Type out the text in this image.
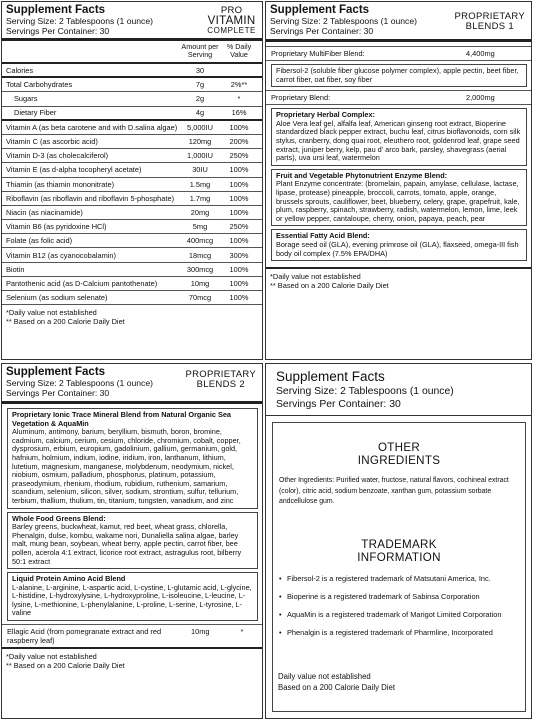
Supplement Facts
Serving Size: 2 Tablespoons (1 ounce)
Servings Per Container: 30
PRO
VITAMIN
COMPLETE
Amount per Serving
% Daily Value
Calories	30
Total Carbohydrates	7g	2%**
Sugars	2g	*
Dietary Fiber	4g	16%
Vitamin A (as beta carotene and with D.salina algae)	5,000IU	100%
Vitamin C (as ascorbic acid)	120mg	200%
Vitamin D-3 (as cholecalciferol)	1,000IU	250%
Vitamin E (as d-alpha tocopheryl acetate)	30IU	100%
Thiamin (as thiamin mononitrate)	1.5mg	100%
Riboflavin (as riboflavin and riboflavin 5-phosphate)	1.7mg	100%
Niacin (as niacinamide)	20mg	100%
Vitamin B6 (as pyridoxine HCl)	5mg	250%
Folate (as folic acid)	400mcg	100%
Vitamin B12 (as cyanocobalamin)	18mcg	300%
Biotin	300mcg	100%
Pantothenic acid (as D-Calcium pantothenate)	10mg	100%
Selenium (as sodium selenate)	70mcg	100%
*Daily value not established
** Based on a 200 Calorie Daily Diet
Supplement Facts
Serving Size: 2 Tablespoons (1 ounce)
Servings Per Container: 30
PROPRIETARY
BLENDS 1
Proprietary MultiFiber Blend:	4,400mg
Fibersol-2 (soluble fiber glucose polymer complex), apple pectin, beet fiber, carrot fiber, oat fiber, soy fiber
Proprietary Blend:	2,000mg
Proprietary Herbal Complex:
Aloe Vera leaf gel, alfalfa leaf, American ginseng root extract, Bioperine standardized black pepper extract, buchu leaf, citrus bioflavonoids, corn silk stylus, cranberry, dong quai root, eleuthero root, goldenrod leaf, grape seed extract, juniper berry, kelp, pau d' arco bark, parsley, shavegrass (aerial parts), uva ursi leaf, watermelon
Fruit and Vegetable Phytonutrient Enzyme Blend:
Plant Enzyme concentrate: (bromelain, papain, amylase, cellulase, lactase, lipase, protease) pineapple, broccoli, carrots, tomato, apple, orange, brussels sprouts, cauliflower, beet, blueberry, celery, grape, grapefruit, kale, plum, raspberry, spinach, strawberry, radish, watermelon, lemon, lime, leek or yellow pepper, cantaloupe, cherry, onion, papaya, peach, pear
Essential Fatty Acid Blend:
Borage seed oil (GLA), evening primrose oil (GLA), flaxseed, omega-III fish body oil complex (7.5% EPA/DHA)
*Daily value not established
** Based on a 200 Calorie Daily Diet
Supplement Facts
Serving Size: 2 Tablespoons (1 ounce)
Servings Per Container: 30
PROPRIETARY
BLENDS 2
Proprietary Ionic Trace Mineral Blend from Natural Organic Sea Vegetation & AquaMin
Aluminum, antimony, barium, beryllium, bismuth, boron, bromine, cadmium, calcium, cerium, cesium, chloride, chromium, cobalt, copper, dysprosium, erbium, europium, gadolinium, gallium, germanium, gold, hafnium, holmium, indium, iodine, iridium, iron, lanthanum, lithium, lutetium, magnesium, manganese, molybdenum, neodymium, nickel, niobium, osmium, palladium, phosphorus, platinum, potassium, praseodymium, rhenium, rhodium, rubidium, ruthenium, samarium, scandium, selenium, silicon, silver, sodium, strontium, sulfur, tellurium, terbium, thallium, thulium, tin, titanium, tungsten, vanadium, and zinc
Whole Food Greens Blend:
Barley greens, buckwheat, kamut, red beet, wheat grass, chlorella, Phenalgin, dulse, kombu, wakame nori, Dunaliella salina algae, barley malt, mung bean, soybean, wheat berry, apple pectin, carrot fiber, bee pollen, acerola 4:1 extract, licorice root extract, astragulus root, bilberry 50:1 extract
Liquid Protein Amino Acid Blend
L-alanine, L-arginine, L-aspartic acid, L-cystine, L-glutamic acid, L-glycine, L-histidine, L-hydroxylysine, L-hydroxyproline, L-isoleucine, L-leucine, L-lysine, L-methionine, L-phenylalanine, L-proline, L-serine, L-tyrosine, L-valine
Ellagic Acid (from pomegranate extract and red raspberry leaf)
10mg	*
*Daily value not established
** Based on a 200 Calorie Daily Diet
Supplement Facts
Serving Size: 2 Tablespoons (1 ounce)
Servings Per Container: 30
OTHER
INGREDIENTS
Other Ingredients: Purified water, fructose, natural flavors, cochineal extract (color), citric acid, sodium benzoate, xanthan gum, potassium sorbate andcellulose gum.
TRADEMARK
INFORMATION
• Fibersol-2 is a registered trademark of Matsutani America, Inc.
• Bioperine is a registered trademark of Sabinsa Corporation
• AquaMin is a registered trademark of Marigot Limited Corporation
• Phenalgin is a registered trademark of Pharmline, Incorporated
Daily value not established
Based on a 200 Calorie Daily Diet
